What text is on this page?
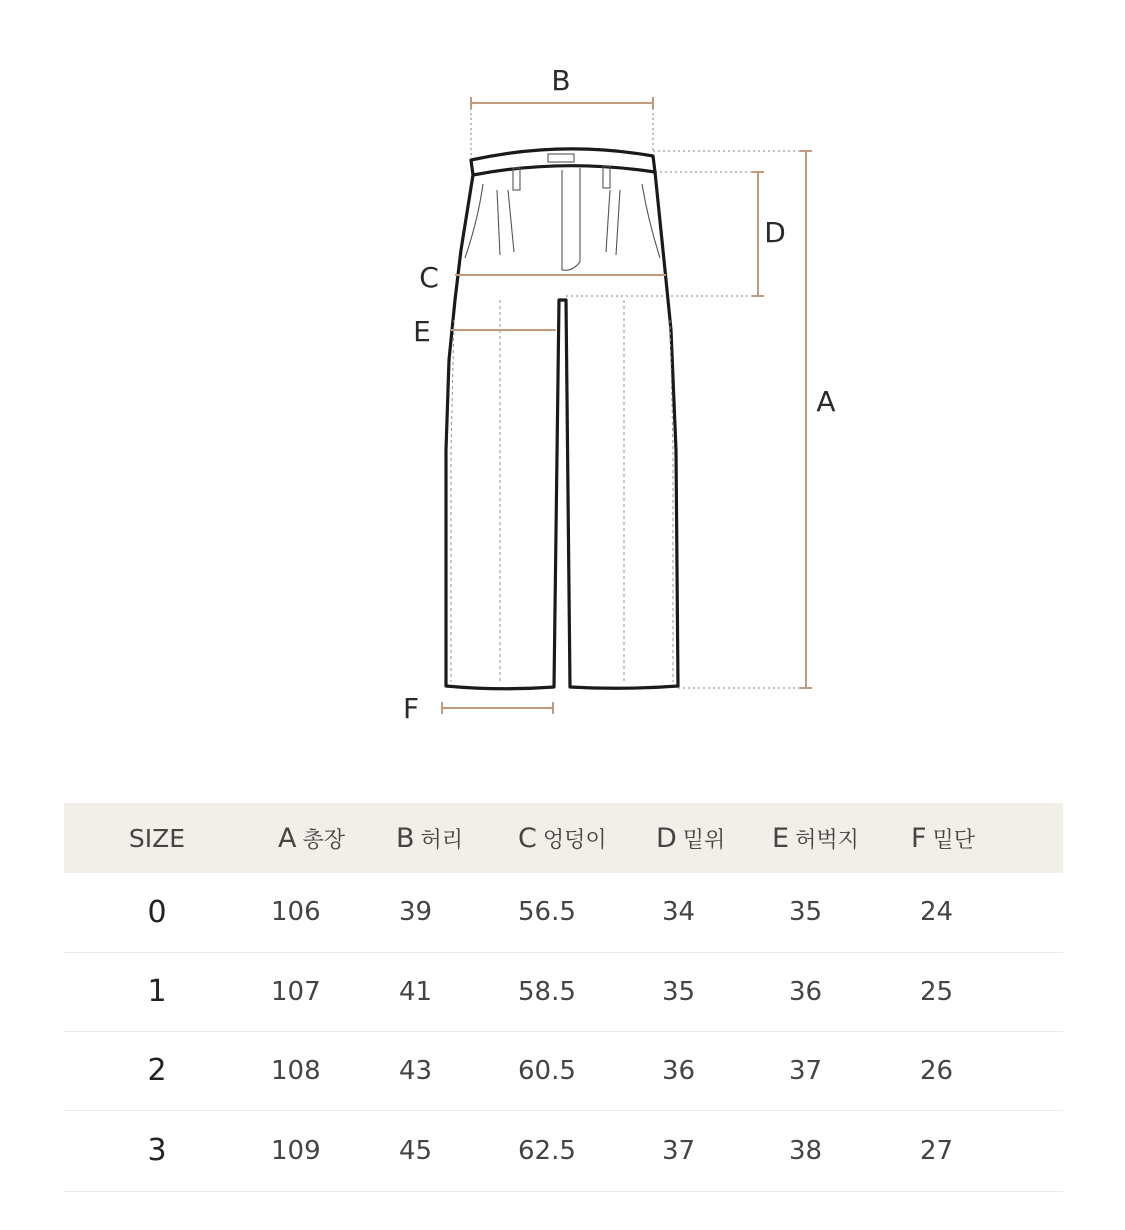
B
A
D
C
E
F
SIZE	A 총장	B 허리	C 엉덩이	D 밑위	E 허벅지	F 밑단
0	106	39	56.5	34	35	24
1	107	41	58.5	35	36	25
2	108	43	60.5	36	37	26
3	109	45	62.5	37	38	27
